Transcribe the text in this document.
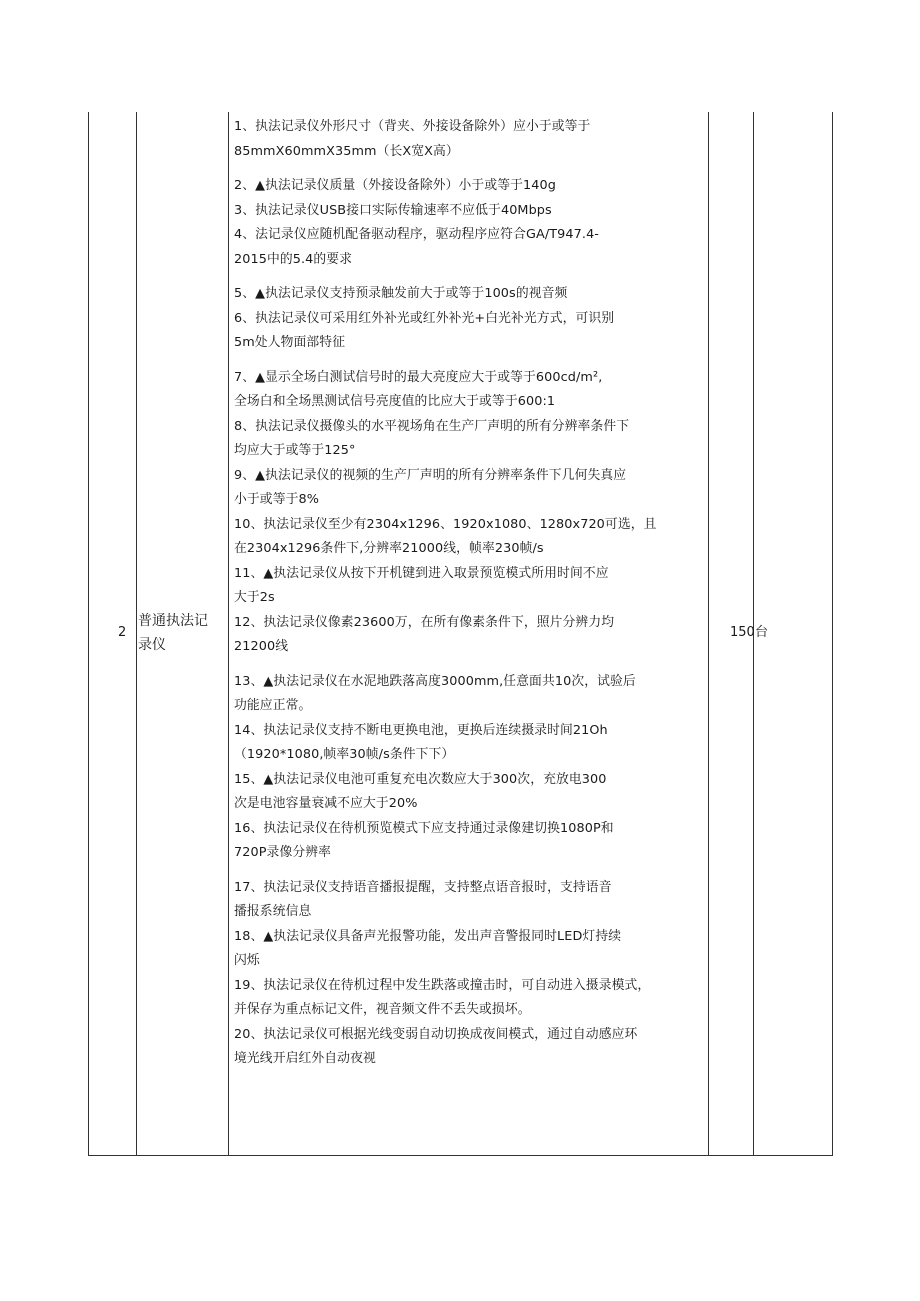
2
普通执法记录仪
150 台
1、执法记录仪外形尺寸（背夹、外接设备除外）应小于或等于
85mmX60mmX35mm（长X宽X高）
2、▲执法记录仪质量（外接设备除外）小于或等于140g
3、执法记录仪USB接口实际传输速率不应低于40Mbps
4、法记录仪应随机配备驱动程序，驱动程序应符合GA/T947.4-
2015中的5.4的要求
5、▲执法记录仪支持预录触发前大于或等于100s的视音频
6、执法记录仪可采用红外补光或红外补光+白光补光方式，可识别
5m处人物面部特征
7、▲显示全场白测试信号时的最大亮度应大于或等于600cd/m²,
全场白和全场黑测试信号亮度值的比应大于或等于600:1
8、执法记录仪摄像头的水平视场角在生产厂声明的所有分辨率条件下
均应大于或等于125°
9、▲执法记录仪的视频的生产厂声明的所有分辨率条件下几何失真应
小于或等于8%
10、执法记录仪至少有2304x1296、1920x1080、1280x720可选，且
在2304x1296条件下,分辨率21000线，帧率230帧/s
11、▲执法记录仪从按下开机键到进入取景预览模式所用时间不应
大于2s
12、执法记录仪像素23600万，在所有像素条件下，照片分辨力均
21200线
13、▲执法记录仪在水泥地跌落高度3000mm,任意面共10次，试验后
功能应正常。
14、执法记录仪支持不断电更换电池，更换后连续摄录时间21Oh
（1920*1080,帧率30帧/s条件下下）
15、▲执法记录仪电池可重复充电次数应大于300次，充放电300
次是电池容量衰减不应大于20%
16、执法记录仪在待机预览模式下应支持通过录像建切换1080P和
720P录像分辨率
17、执法记录仪支持语音播报提醒，支持整点语音报时，支持语音
播报系统信息
18、▲执法记录仪具备声光报警功能，发出声音警报同时LED灯持续
闪烁
19、执法记录仪在待机过程中发生跌落或撞击时，可自动进入摄录模式，
并保存为重点标记文件，视音频文件不丢失或损坏。
20、执法记录仪可根据光线变弱自动切换成夜间模式，通过自动感应环
境光线开启红外自动夜视
